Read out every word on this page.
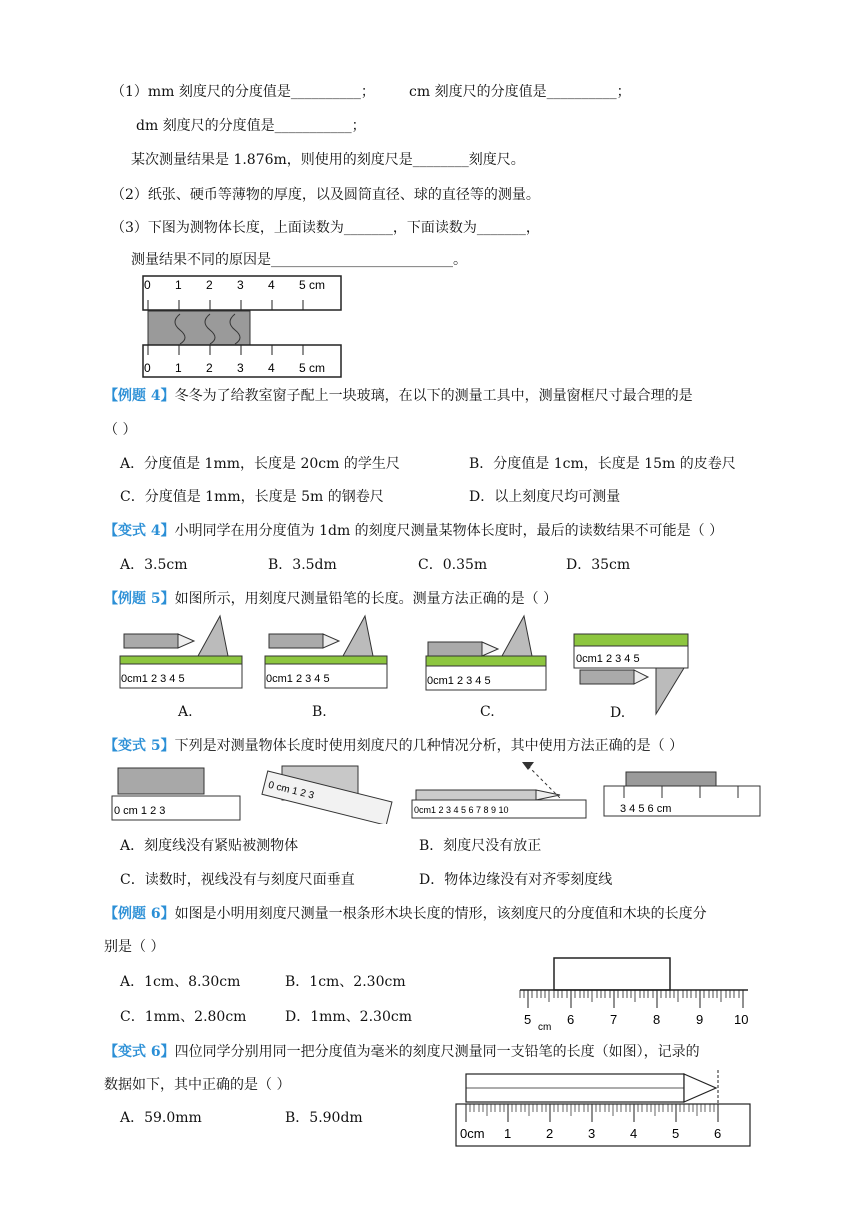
（1）mm 刻度尺的分度值是__________； cm 刻度尺的分度值是__________；
dm 刻度尺的分度值是___________；
某次测量结果是 1.876m，则使用的刻度尺是________刻度尺。
（2）纸张、硬币等薄物的厚度，以及圆筒直径、球的直径等的测量。
（3）下图为测物体长度，上面读数为_______，下面读数为_______，
测量结果不同的原因是__________________________。
0 1 2 3 4 5 cm
0 1 2 3 4 5 cm
【例题 4】冬冬为了给教室窗子配上一块玻璃，在以下的测量工具中，测量窗框尺寸最合理的是
（ ）
A．分度值是 1mm，长度是 20cm 的学生尺	B．分度值是 1cm，长度是 15m 的皮卷尺
C．分度值是 1mm，长度是 5m 的钢卷尺	D．以上刻度尺均可测量
【变式 4】小明同学在用分度值为 1dm 的刻度尺测量某物体长度时，最后的读数结果不可能是（ ）
A．3.5cm	B．3.5dm	C．0.35m	D．35cm
【例题 5】如图所示，用刻度尺测量铅笔的长度。测量方法正确的是（ ）
0cm1 2 3 4 5
A.
0cm1 2 3 4 5
B.
0cm1 2 3 4 5
C.
0cm1 2 3 4 5
D.
【变式 5】下列是对测量物体长度时使用刻度尺的几种情况分析，其中使用方法正确的是（ ）
0 cm 1 2 3
0 cm 1 2 3
0cm1 2 3 4 5 6 7 8 9 10	3 4 5 6 cm
A．刻度线没有紧贴被测物体	B．刻度尺没有放正
C．读数时，视线没有与刻度尺面垂直	D．物体边缘没有对齐零刻度线
【例题 6】如图是小明用刻度尺测量一根条形木块长度的情形，该刻度尺的分度值和木块的长度分
别是（ ）
A．1cm、8.30cm	B．1cm、2.30cm
C．1mm、2.80cm	D．1mm、2.30cm	5
cm
6	7	8	9 10
【变式 6】四位同学分别用同一把分度值为毫米的刻度尺测量同一支铅笔的长度（如图），记录的
数据如下，其中正确的是（ ）
A．59.0mm	B．5.90dm
0cm 1	2	3	4	5	6
